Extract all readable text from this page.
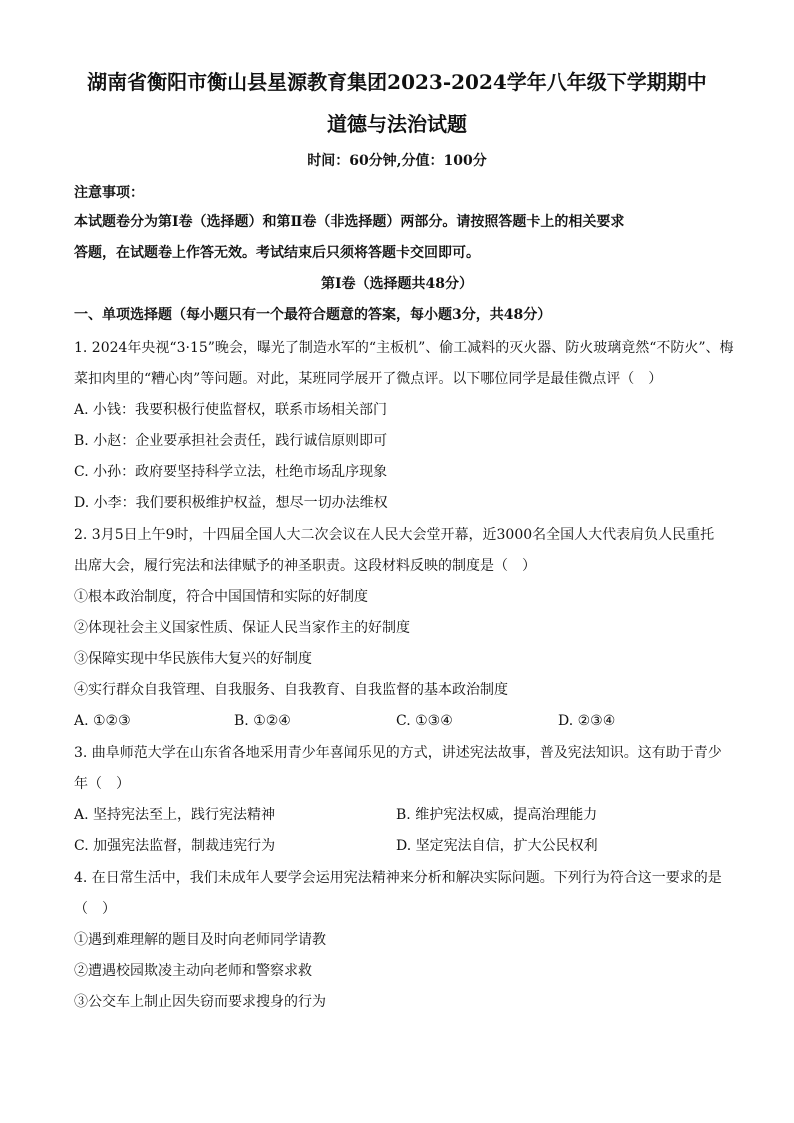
湖南省衡阳市衡山县星源教育集团2023-2024学年八年级下学期期中
道德与法治试题
时间：60分钟,分值：100分
注意事项：
本试题卷分为第Ⅰ卷（选择题）和第Ⅱ卷（非选择题）两部分。请按照答题卡上的相关要求
答题，在试题卷上作答无效。考试结束后只须将答题卡交回即可。
第Ⅰ卷（选择题共48分）
一、单项选择题（每小题只有一个最符合题意的答案，每小题3分，共48分）
1. 2024年央视“3·15”晚会，曝光了制造水军的“主板机”、偷工减料的灭火器、防火玻璃竟然“不防火”、梅
菜扣肉里的“糟心肉”等问题。对此，某班同学展开了微点评。以下哪位同学是最佳微点评（　）
A. 小钱：我要积极行使监督权，联系市场相关部门
B. 小赵：企业要承担社会责任，践行诚信原则即可
C. 小孙：政府要坚持科学立法，杜绝市场乱序现象
D. 小李：我们要积极维护权益，想尽一切办法维权
2. 3月5日上午9时，十四届全国人大二次会议在人民大会堂开幕，近3000名全国人大代表肩负人民重托
出席大会，履行宪法和法律赋予的神圣职责。这段材料反映的制度是（　）
①根本政治制度，符合中国国情和实际的好制度
②体现社会主义国家性质、保证人民当家作主的好制度
③保障实现中华民族伟大复兴的好制度
④实行群众自我管理、自我服务、自我教育、自我监督的基本政治制度
A. ①②③	B. ①②④	C. ①③④	D. ②③④
3. 曲阜师范大学在山东省各地采用青少年喜闻乐见的方式，讲述宪法故事，普及宪法知识。这有助于青少
年（　）
A. 坚持宪法至上，践行宪法精神	B. 维护宪法权威，提高治理能力
C. 加强宪法监督，制裁违宪行为	D. 坚定宪法自信，扩大公民权利
4. 在日常生活中，我们未成年人要学会运用宪法精神来分析和解决实际问题。下列行为符合这一要求的是
（　）
①遇到难理解的题目及时向老师同学请教
②遭遇校园欺凌主动向老师和警察求救
③公交车上制止因失窃而要求搜身的行为
